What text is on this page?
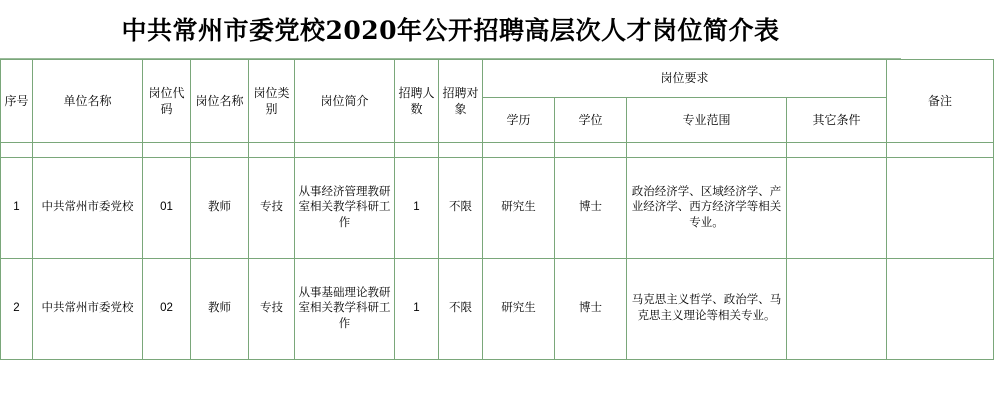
中共常州市委党校2020年公开招聘高层次人才岗位简介表
序号	单位名称	岗位代码	岗位名称	岗位类别	岗位简介	招聘人数	招聘对象	岗位要求				备注
								学历	学位	专业范围	其它条件	

1	中共常州市委党校	01	教师	专技	从事经济管理教研室相关教学科研工作	1	不限	研究生	博士	政治经济学、区域经济学、产业经济学、西方经济学等相关专业。		
2	中共常州市委党校	02	教师	专技	从事基础理论教研室相关教学科研工作	1	不限	研究生	博士	马克思主义哲学、政治学、马克思主义理论等相关专业。		
